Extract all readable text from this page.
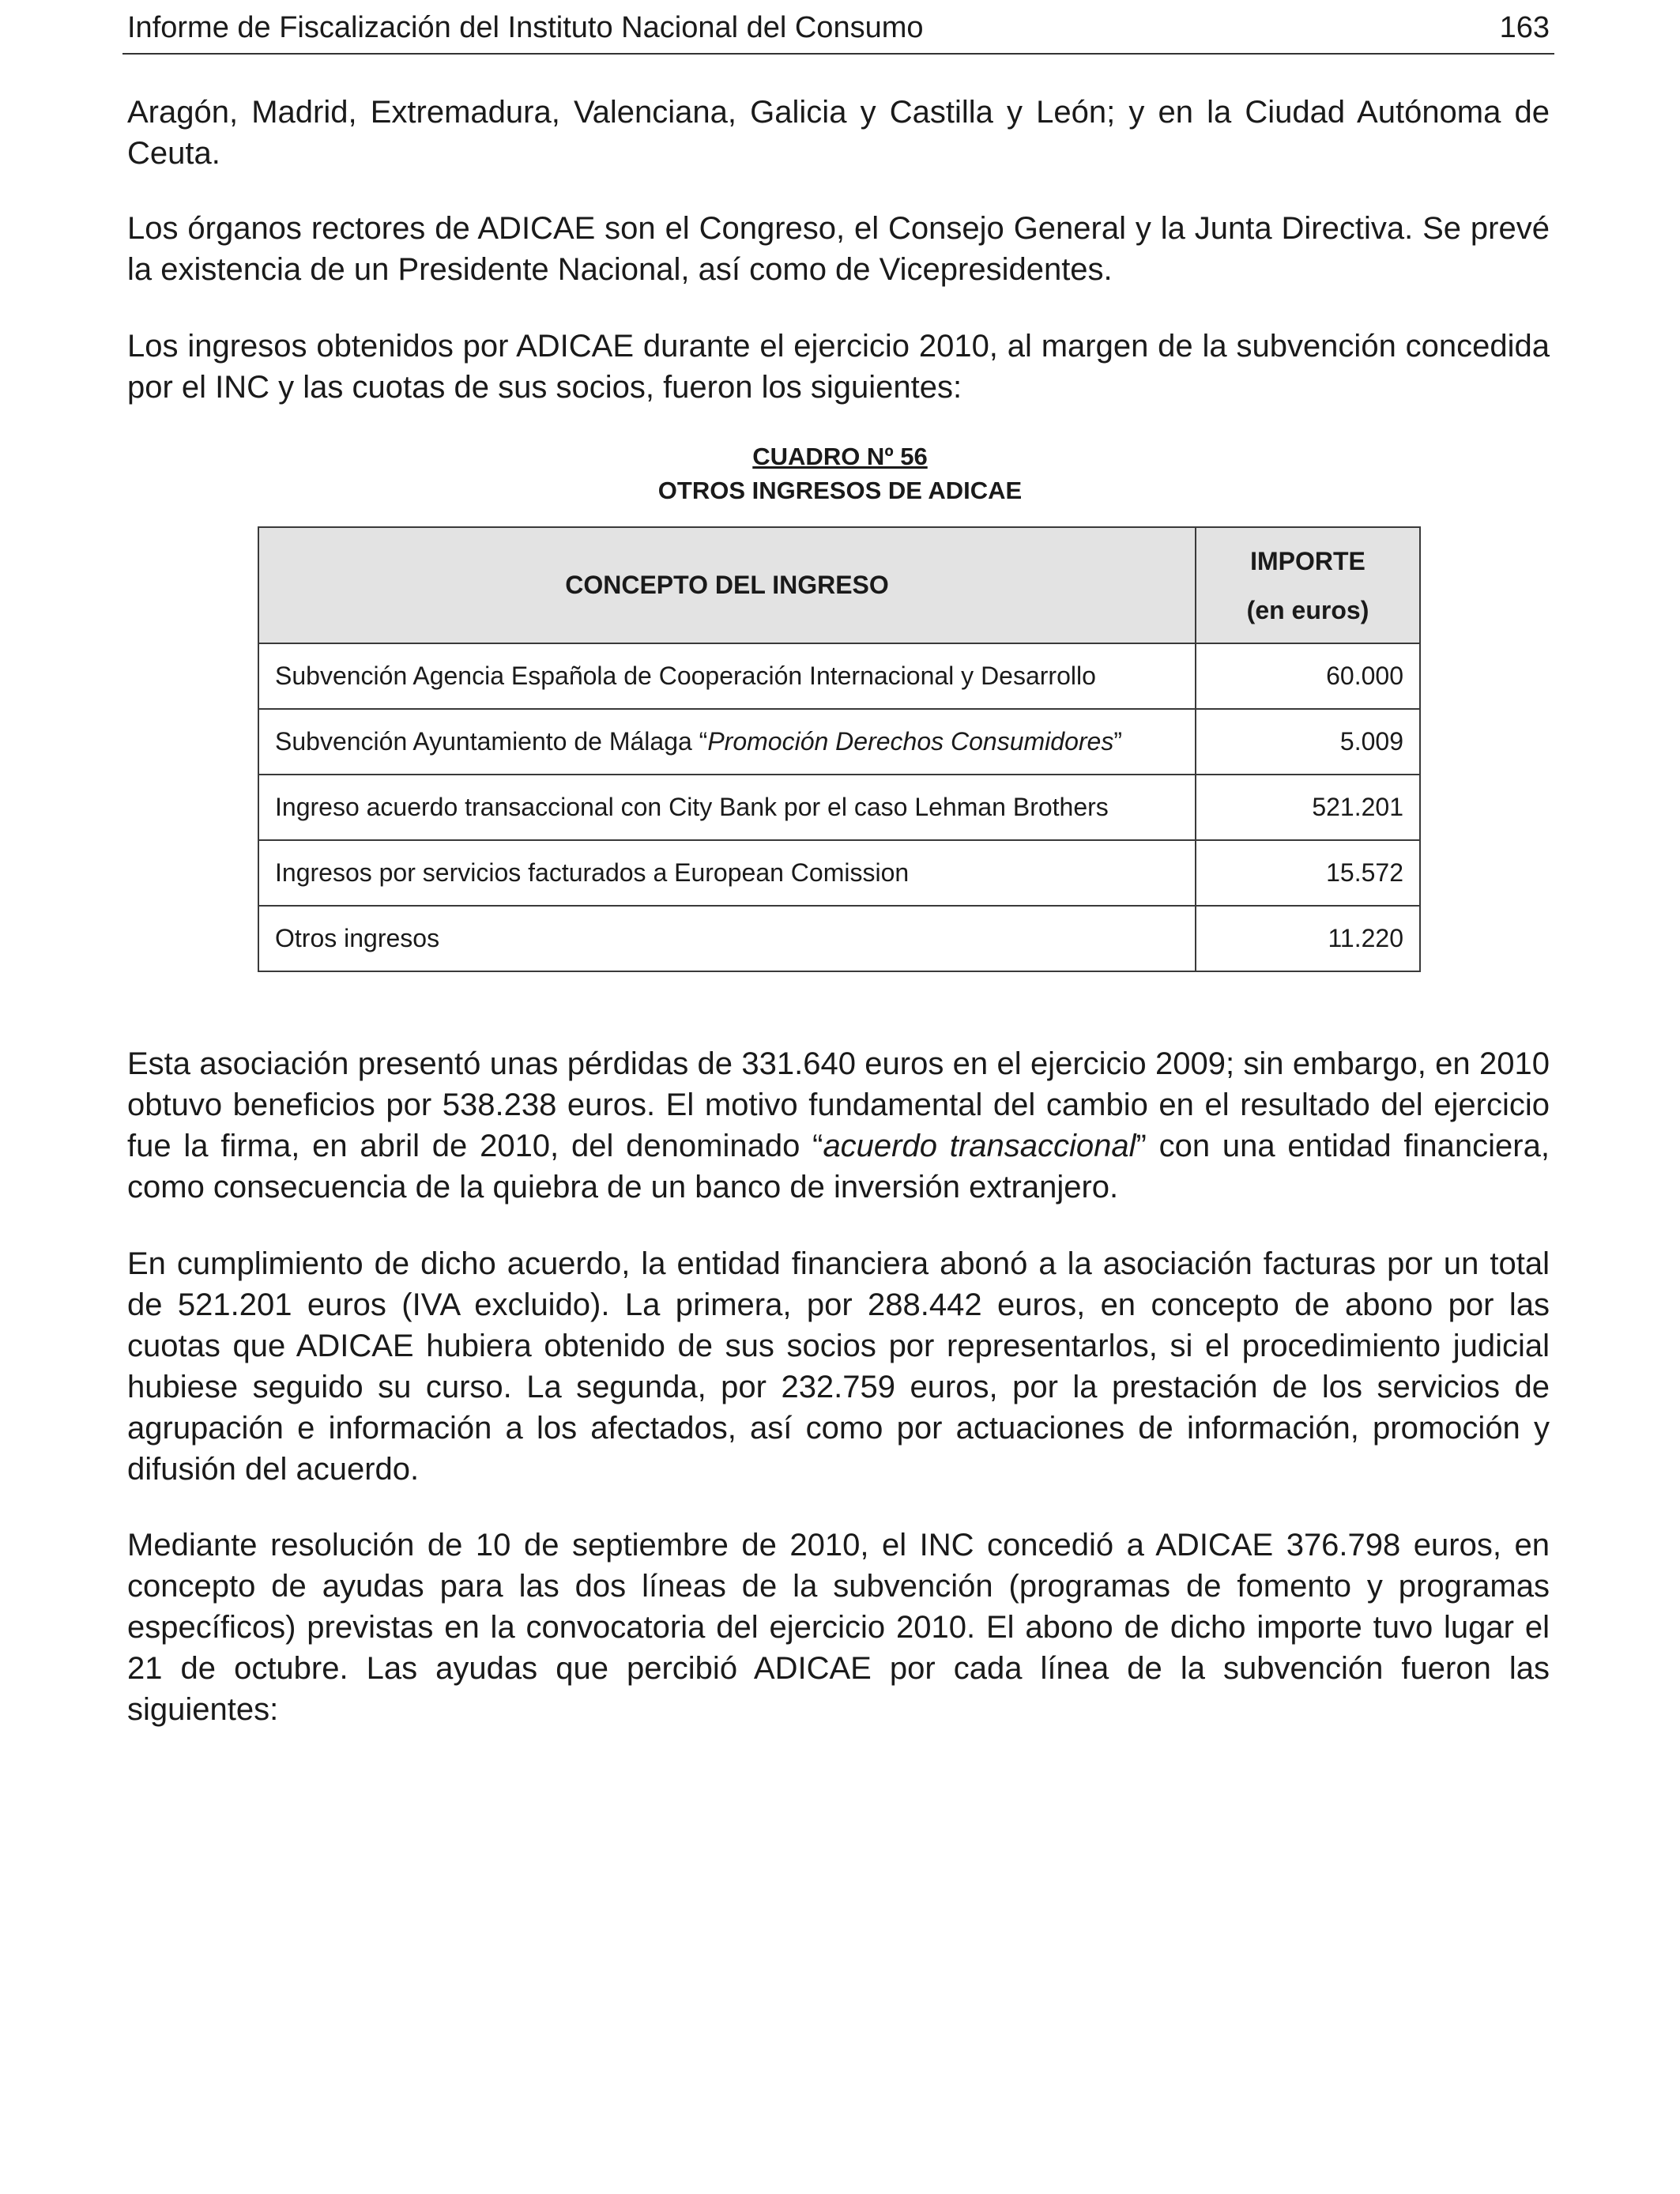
Informe de Fiscalización del Instituto Nacional del Consumo	163

Aragón, Madrid, Extremadura, Valenciana, Galicia y Castilla y León; y en la Ciudad Autónoma de Ceuta.

Los órganos rectores de ADICAE son el Congreso, el Consejo General y la Junta Directiva. Se prevé la existencia de un Presidente Nacional, así como de Vicepresidentes.

Los ingresos obtenidos por ADICAE durante el ejercicio 2010, al margen de la subvención concedida por el INC y las cuotas de sus socios, fueron los siguientes:

CUADRO Nº 56
OTROS INGRESOS DE ADICAE
CONCEPTO DEL INGRESO	IMPORTE
(en euros)

Subvención Agencia Española de Cooperación Internacional y Desarrollo	60.000
Subvención Ayuntamiento de Málaga “Promoción Derechos Consumidores”	5.009
Ingreso acuerdo transaccional con City Bank por el caso Lehman Brothers	521.201
Ingresos por servicios facturados a European Comission	15.572
Otros ingresos	11.220

Esta asociación presentó unas pérdidas de 331.640 euros en el ejercicio 2009; sin embargo, en 2010 obtuvo beneficios por 538.238 euros. El motivo fundamental del cambio en el resultado del ejercicio fue la firma, en abril de 2010, del denominado “acuerdo transaccional” con una entidad financiera, como consecuencia de la quiebra de un banco de inversión extranjero.

En cumplimiento de dicho acuerdo, la entidad financiera abonó a la asociación facturas por un total de 521.201 euros (IVA excluido). La primera, por 288.442 euros, en concepto de abono por las cuotas que ADICAE hubiera obtenido de sus socios por representarlos, si el procedimiento judicial hubiese seguido su curso. La segunda, por 232.759 euros, por la prestación de los servicios de agrupación e información a los afectados, así como por actuaciones de información, promoción y difusión del acuerdo.

Mediante resolución de 10 de septiembre de 2010, el INC concedió a ADICAE 376.798 euros, en concepto de ayudas para las dos líneas de la subvención (programas de fomento y programas específicos) previstas en la convocatoria del ejercicio 2010. El abono de dicho importe tuvo lugar el 21 de octubre. Las ayudas que percibió ADICAE por cada línea de la subvención fueron las siguientes:
